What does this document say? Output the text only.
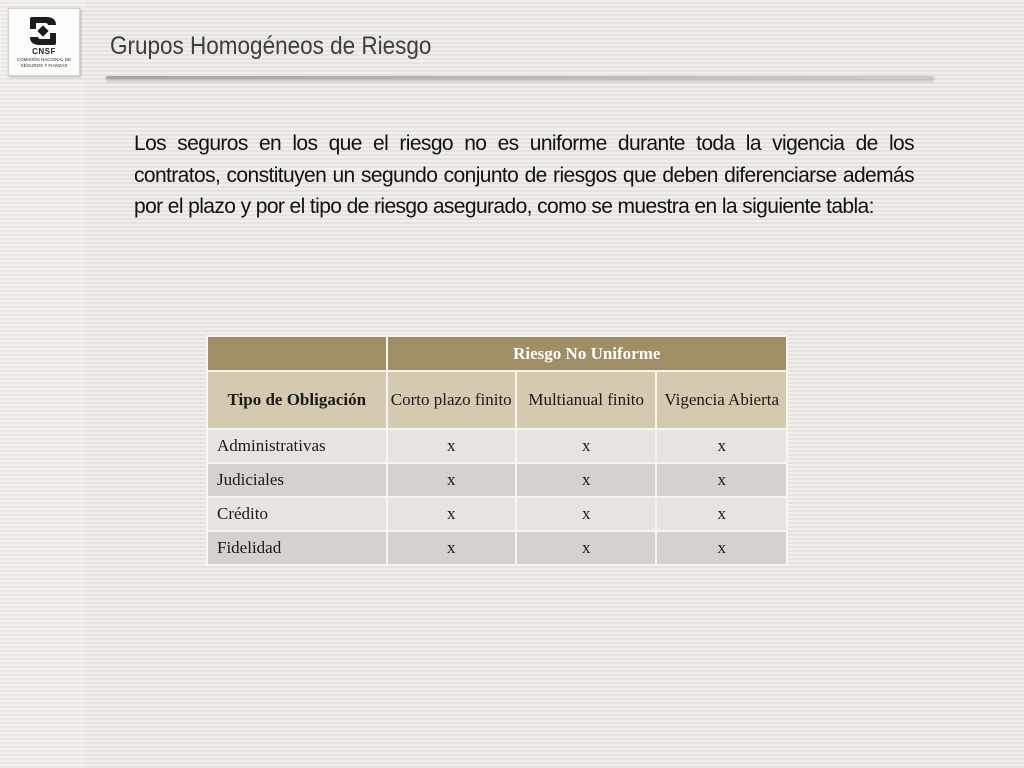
CNSF
COMISIÓN NACIONAL DE
SEGUROS Y FIANZAS
Grupos Homogéneos de Riesgo

Los seguros en los que el riesgo no es uniforme durante toda la vigencia de los contratos, constituyen un segundo conjunto de riesgos que deben diferenciarse además por el plazo y por el tipo de riesgo asegurado, como se muestra en la siguiente tabla:

	Riesgo No Uniforme		
Tipo de Obligación	Corto plazo finito	Multianual finito	Vigencia Abierta
Administrativas	x	x	x
Judiciales	x	x	x
Crédito	x	x	x
Fidelidad	x	x	x
